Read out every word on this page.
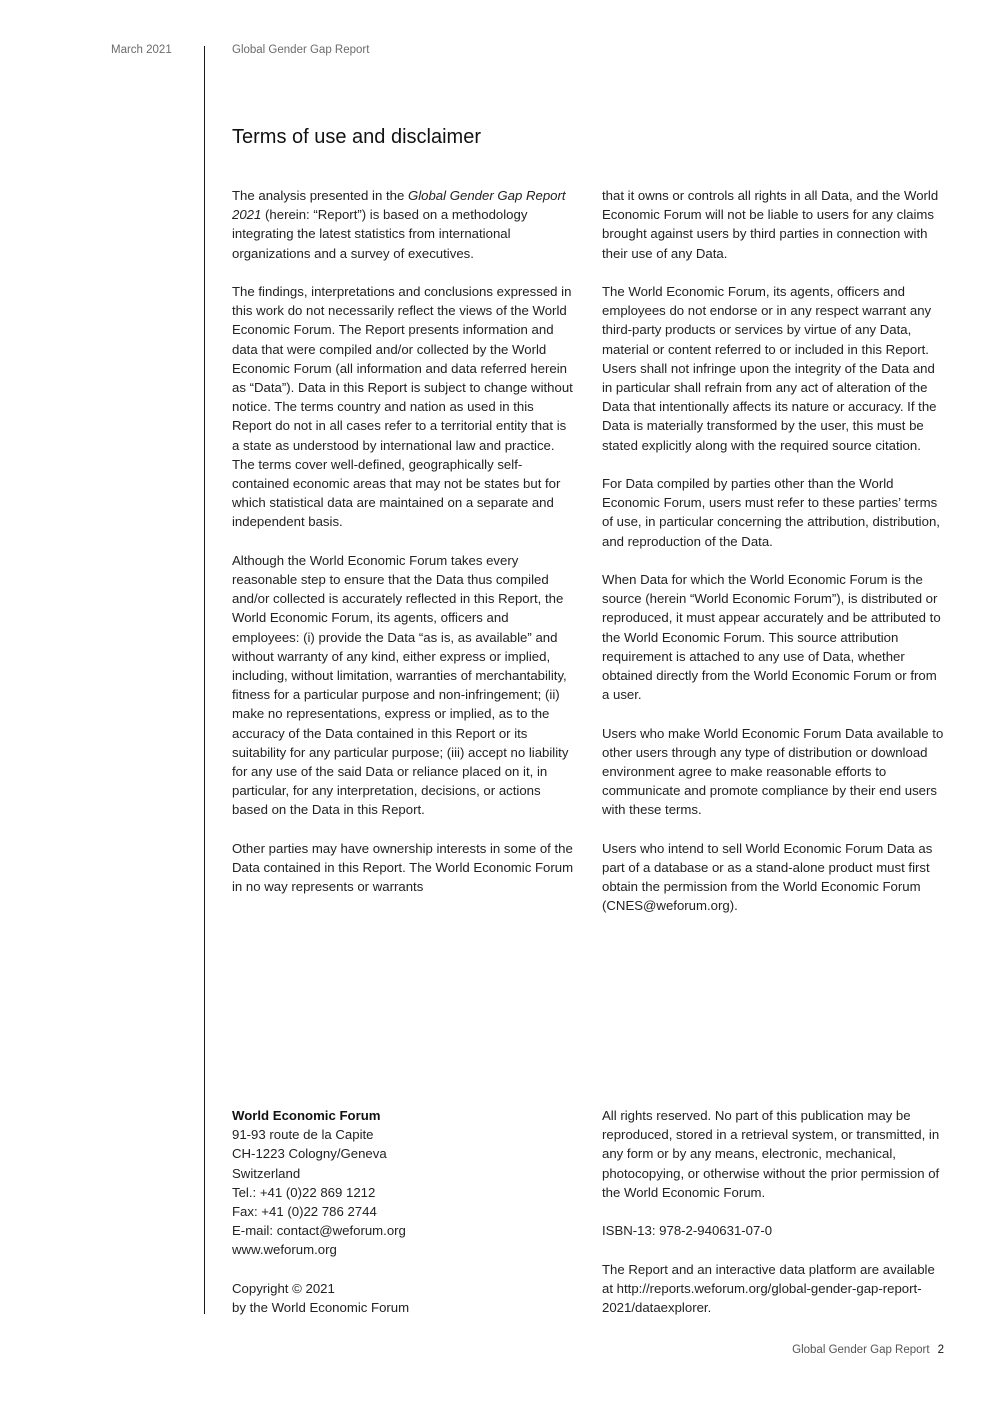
March 2021	Global Gender Gap Report
Terms of use and disclaimer

The analysis presented in the Global Gender Gap Report 2021 (herein: “Report”) is based on a methodology integrating the latest statistics from international organizations and a survey of executives.

The findings, interpretations and conclusions expressed in this work do not necessarily reflect the views of the World Economic Forum. The Report presents information and data that were compiled and/or collected by the World Economic Forum (all information and data referred herein as “Data”). Data in this Report is subject to change without notice. The terms country and nation as used in this Report do not in all cases refer to a territorial entity that is a state as understood by international law and practice. The terms cover well-defined, geographically self-contained economic areas that may not be states but for which statistical data are maintained on a separate and independent basis.

Although the World Economic Forum takes every reasonable step to ensure that the Data thus compiled and/or collected is accurately reflected in this Report, the World Economic Forum, its agents, officers and employees: (i) provide the Data “as is, as available” and without warranty of any kind, either express or implied, including, without limitation, warranties of merchantability, fitness for a particular purpose and non-infringement; (ii) make no representations, express or implied, as to the accuracy of the Data contained in this Report or its suitability for any particular purpose; (iii) accept no liability for any use of the said Data or reliance placed on it, in particular, for any interpretation, decisions, or actions based on the Data in this Report.

Other parties may have ownership interests in some of the Data contained in this Report. The World Economic Forum in no way represents or warrants

that it owns or controls all rights in all Data, and the World Economic Forum will not be liable to users for any claims brought against users by third parties in connection with their use of any Data.

The World Economic Forum, its agents, officers and employees do not endorse or in any respect warrant any third-party products or services by virtue of any Data, material or content referred to or included in this Report. Users shall not infringe upon the integrity of the Data and in particular shall refrain from any act of alteration of the Data that intentionally affects its nature or accuracy. If the Data is materially transformed by the user, this must be stated explicitly along with the required source citation.

For Data compiled by parties other than the World Economic Forum, users must refer to these parties’ terms of use, in particular concerning the attribution, distribution, and reproduction of the Data.

When Data for which the World Economic Forum is the source (herein “World Economic Forum”), is distributed or reproduced, it must appear accurately and be attributed to the World Economic Forum. This source attribution requirement is attached to any use of Data, whether obtained directly from the World Economic Forum or from a user.

Users who make World Economic Forum Data available to other users through any type of distribution or download environment agree to make reasonable efforts to communicate and promote compliance by their end users with these terms.

Users who intend to sell World Economic Forum Data as part of a database or as a stand-alone product must first obtain the permission from the World Economic Forum (CNES@weforum.org).

World Economic Forum
91-93 route de la Capite
CH-1223 Cologny/Geneva
Switzerland
Tel.: +41 (0)22 869 1212
Fax: +41 (0)22 786 2744
E-mail: contact@weforum.org
www.weforum.org

Copyright © 2021
by the World Economic Forum

All rights reserved. No part of this publication may be reproduced, stored in a retrieval system, or transmitted, in any form or by any means, electronic, mechanical, photocopying, or otherwise without the prior permission of the World Economic Forum.

ISBN-13: 978-2-940631-07-0

The Report and an interactive data platform are available at http://reports.weforum.org/global-gender-gap-report-2021/dataexplorer.

Global Gender Gap Report 2
